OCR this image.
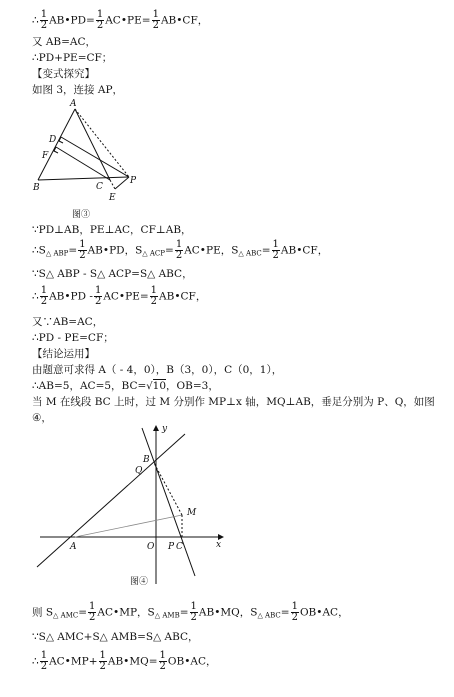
∴ $\frac{1}{2}$ AB•PD= $\frac{1}{2}$ AC•PE= $\frac{1}{2}$ AB•CF，
又 AB=AC，
∴PD+PE=CF；
【变式探究】
如图 3，连接 AP，
A
B	C
D
E
F
P
图③
∵PD⊥AB，PE⊥AC，CF⊥AB，
$\therefore S_{\triangle ABP}= \frac{1}{2}$ AB•PD，$S_{\triangle ACP}= \frac{1}{2}$ AC•PE，$S_{\triangle ABC}= \frac{1}{2}$ AB•CF，
∵S△ ABP - S△ ACP=S△ ABC，
∴ $\frac{1}{2}$ AB•PD - $\frac{1}{2}$ AC•PE= $\frac{1}{2}$ AB•CF，
又∵AB=AC，
∴PD - PE=CF；
【结论运用】
由题意可求得 A（ - 4，0），B（3，0），C（0，1），
∴AB=5，AC=5，BC=√10，OB=3，
当 M 在线段 BC 上时，过 M 分别作 MP⊥x 轴，MQ⊥AB，垂足分别为 P、Q，如图
④，
y
x
B
Q
M
A	O P C
图④
则 $S_{\triangle AMC}= \frac{1}{2}$ AC•MP，$S_{\triangle AMB}= \frac{1}{2}$ AB•MQ，$S_{\triangle ABC}= \frac{1}{2}$ OB•AC，
∵S△ AMC+S△ AMB=S△ ABC，
∴ $\frac{1}{2}$ AC•MP+ $\frac{1}{2}$ AB•MQ= $\frac{1}{2}$ OB•AC，
